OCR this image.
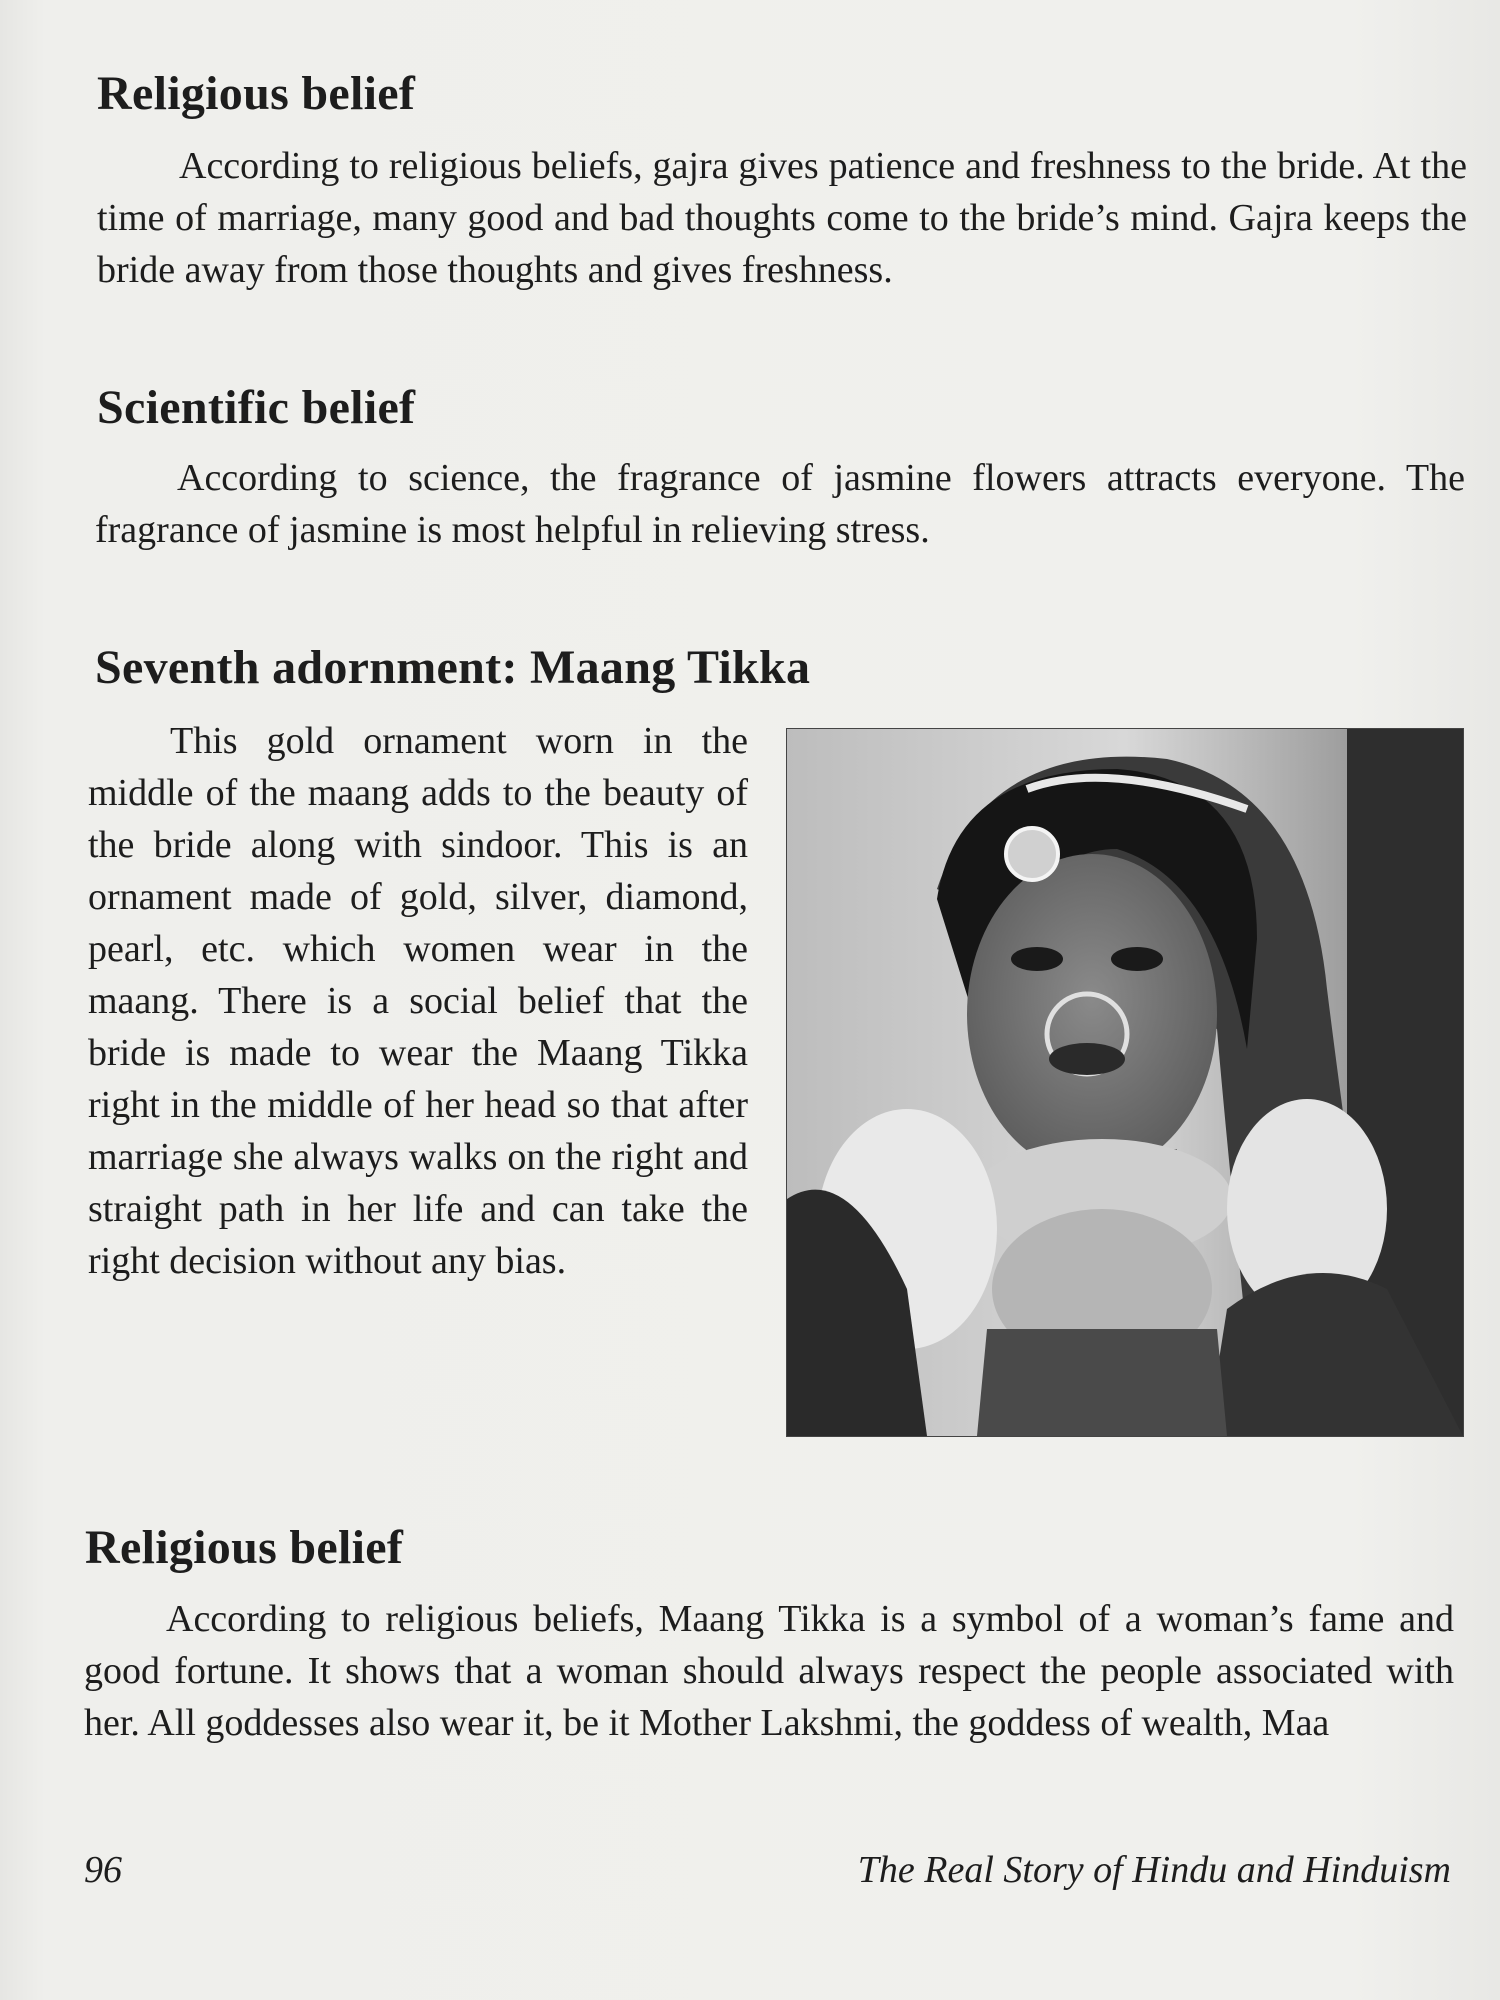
Religious belief

According to religious beliefs, gajra gives patience and freshness to the bride. At the time of marriage, many good and bad thoughts come to the bride’s mind. Gajra keeps the bride away from those thoughts and gives freshness.

Scientific belief

According to science, the fragrance of jasmine flowers attracts everyone. The fragrance of jasmine is most helpful in relieving stress.

Seventh adornment: Maang Tikka

This gold ornament worn in the middle of the maang adds to the beauty of the bride along with sindoor. This is an ornament made of gold, silver, diamond, pearl, etc. which women wear in the maang. There is a social belief that the bride is made to wear the Maang Tikka right in the middle of her head so that after marriage she always walks on the right and straight path in her life and can take the right decision without any bias.

Religious belief

According to religious beliefs, Maang Tikka is a symbol of a woman’s fame and good fortune. It shows that a woman should always respect the people associated with her. All goddesses also wear it, be it Mother Lakshmi, the goddess of wealth, Maa

96	The Real Story of Hindu and Hinduism
